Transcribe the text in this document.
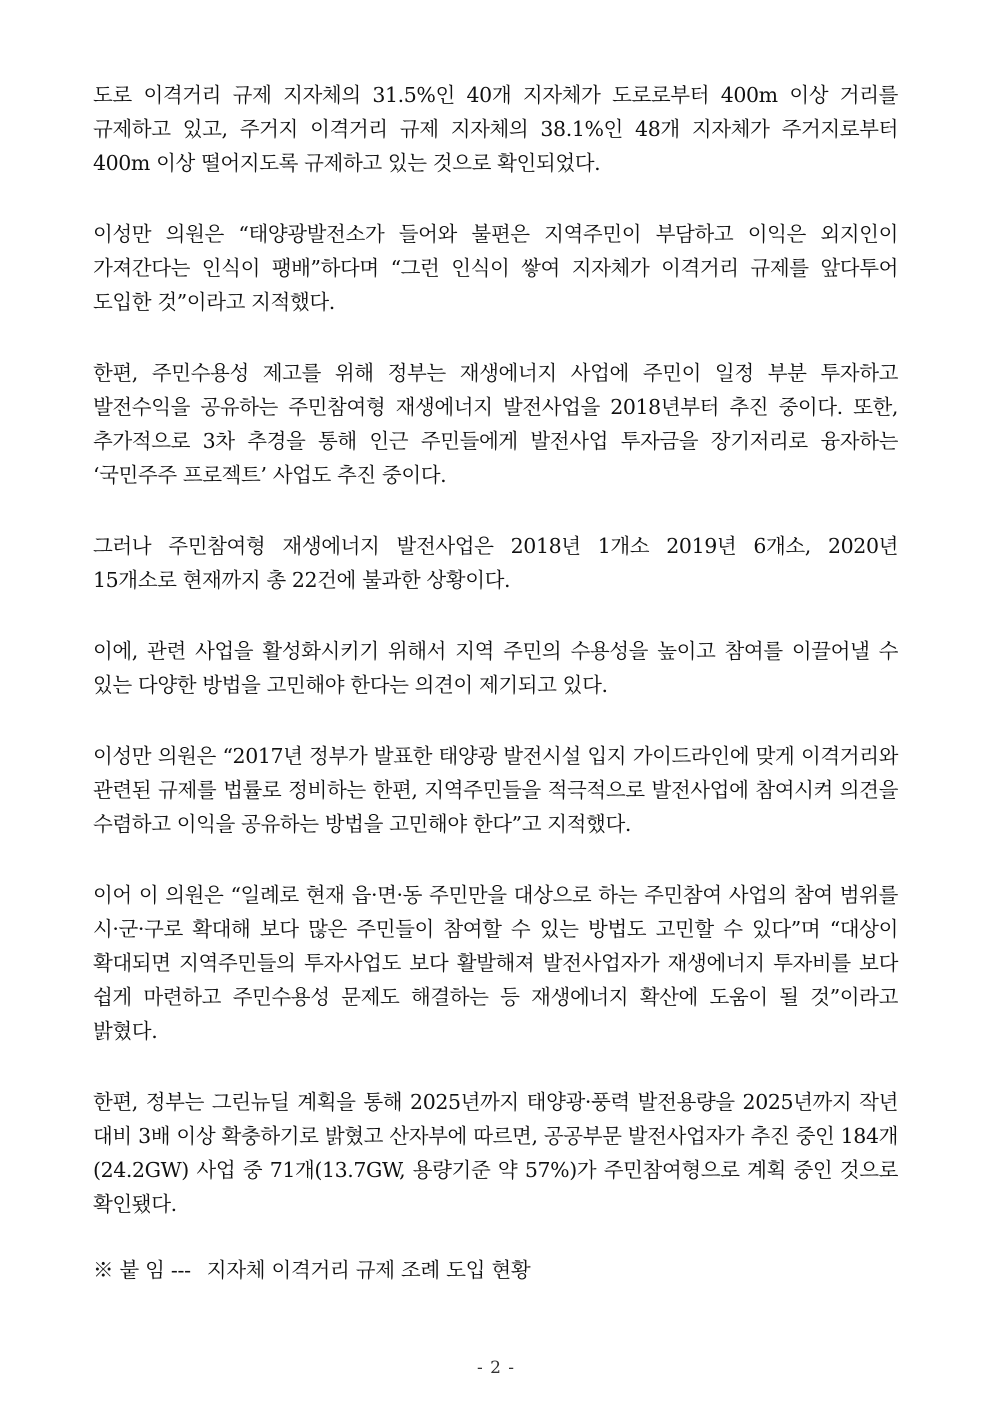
도로 이격거리 규제 지자체의 31.5%인 40개 지자체가 도로로부터 400m 이상 거리를 규제하고 있고, 주거지 이격거리 규제 지자체의 38.1%인 48개 지자체가 주거지로부터 400m 이상 떨어지도록 규제하고 있는 것으로 확인되었다.

이성만 의원은 “태양광발전소가 들어와 불편은 지역주민이 부담하고 이익은 외지인이 가져간다는 인식이 팽배”하다며 “그런 인식이 쌓여 지자체가 이격거리 규제를 앞다투어 도입한 것”이라고 지적했다.

한편, 주민수용성 제고를 위해 정부는 재생에너지 사업에 주민이 일정 부분 투자하고 발전수익을 공유하는 주민참여형 재생에너지 발전사업을 2018년부터 추진 중이다. 또한, 추가적으로 3차 추경을 통해 인근 주민들에게 발전사업 투자금을 장기저리로 융자하는 ‘국민주주 프로젝트’ 사업도 추진 중이다.

그러나 주민참여형 재생에너지 발전사업은 2018년 1개소 2019년 6개소, 2020년 15개소로 현재까지 총 22건에 불과한 상황이다.

이에, 관련 사업을 활성화시키기 위해서 지역 주민의 수용성을 높이고 참여를 이끌어낼 수 있는 다양한 방법을 고민해야 한다는 의견이 제기되고 있다.

이성만 의원은 “2017년 정부가 발표한 태양광 발전시설 입지 가이드라인에 맞게 이격거리와 관련된 규제를 법률로 정비하는 한편, 지역주민들을 적극적으로 발전사업에 참여시켜 의견을 수렴하고 이익을 공유하는 방법을 고민해야 한다”고 지적했다.

이어 이 의원은 “일례로 현재 읍·면·동 주민만을 대상으로 하는 주민참여 사업의 참여 범위를 시·군·구로 확대해 보다 많은 주민들이 참여할 수 있는 방법도 고민할 수 있다”며 “대상이 확대되면 지역주민들의 투자사업도 보다 활발해져 발전사업자가 재생에너지 투자비를 보다 쉽게 마련하고 주민수용성 문제도 해결하는 등 재생에너지 확산에 도움이 될 것”이라고 밝혔다.

한편, 정부는 그린뉴딜 계획을 통해 2025년까지 태양광·풍력 발전용량을 2025년까지 작년 대비 3배 이상 확충하기로 밝혔고 산자부에 따르면, 공공부문 발전사업자가 추진 중인 184개(24.2GW) 사업 중 71개(13.7GW, 용량기준 약 57%)가 주민참여형으로 계획 중인 것으로 확인됐다.

※ 붙 임 --- 지자체 이격거리 규제 조례 도입 현황
- 2 -
